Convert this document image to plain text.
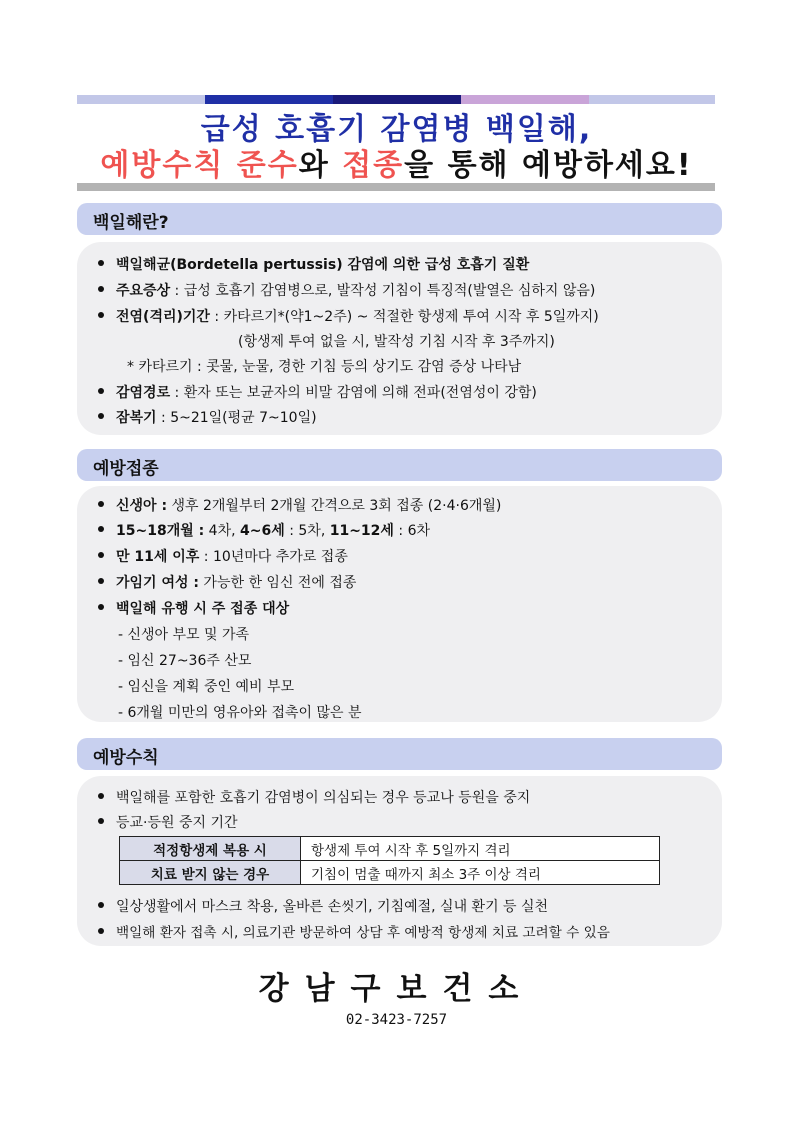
급성 호흡기 감염병 백일해,
예방수칙 준수와 접종을 통해 예방하세요!
백일해란?
백일해균(Bordetella pertussis) 감염에 의한 급성 호흡기 질환
주요증상 : 급성 호흡기 감염병으로, 발작성 기침이 특징적(발열은 심하지 않음)
전염(격리)기간 : 카타르기*(약1~2주) ~ 적절한 항생제 투여 시작 후 5일까지)
(항생제 투여 없을 시, 발작성 기침 시작 후 3주까지)
* 카타르기 : 콧물, 눈물, 경한 기침 등의 상기도 감염 증상 나타남
감염경로 : 환자 또는 보균자의 비말 감염에 의해 전파(전염성이 강함)
잠복기 : 5~21일(평균 7~10일)
예방접종
신생아 : 생후 2개월부터 2개월 간격으로 3회 접종 (2·4·6개월)
15~18개월 : 4차, 4~6세 : 5차, 11~12세 : 6차
만 11세 이후 : 10년마다 추가로 접종
가임기 여성 : 가능한 한 임신 전에 접종
백일해 유행 시 주 접종 대상
- 신생아 부모 및 가족
- 임신 27~36주 산모
- 임신을 계획 중인 예비 부모
- 6개월 미만의 영유아와 접촉이 많은 분
예방수칙
백일해를 포함한 호흡기 감염병이 의심되는 경우 등교나 등원을 중지
등교·등원 중지 기간
적정항생제 복용 시	항생제 투여 시작 후 5일까지 격리
치료 받지 않는 경우	기침이 멈출 때까지 최소 3주 이상 격리
일상생활에서 마스크 착용, 올바른 손씻기, 기침예절, 실내 환기 등 실천
백일해 환자 접촉 시, 의료기관 방문하여 상담 후 예방적 항생제 치료 고려할 수 있음
강남구보건소
02-3423-7257
